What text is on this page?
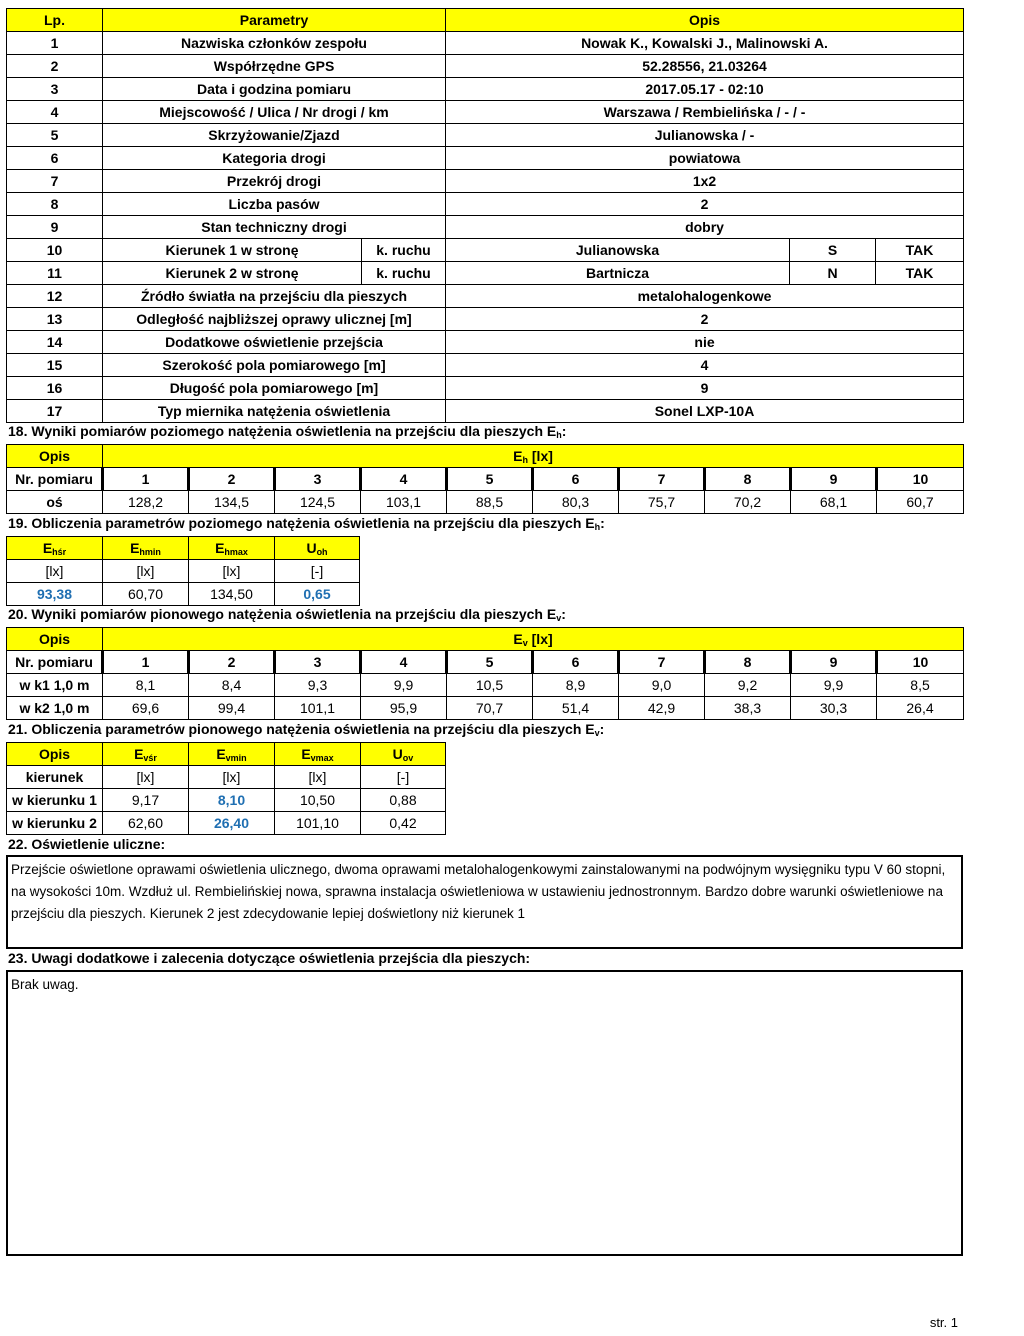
Lp.	Parametry		Opis		
1	Nazwiska członków zespołu		Nowak K., Kowalski J., Malinowski A.		
2	Współrzędne GPS		52.28556, 21.03264		
3	Data i godzina pomiaru		2017.05.17 - 02:10		
4	Miejscowość / Ulica / Nr drogi / km		Warszawa / Rembielińska / - / -		
5	Skrzyżowanie/Zjazd		Julianowska / -		
6	Kategoria drogi		powiatowa		
7	Przekrój drogi		1x2		
8	Liczba pasów		2		
9	Stan techniczny drogi		dobry		
10	Kierunek 1 w stronę	k. ruchu	Julianowska	S	TAK
11	Kierunek 2 w stronę	k. ruchu	Bartnicza	N	TAK
12	Źródło światła na przejściu dla pieszych		metalohalogenkowe		
13	Odległość najbliższej oprawy ulicznej [m]		2		
14	Dodatkowe oświetlenie przejścia		nie		
15	Szerokość pola pomiarowego [m]		4		
16	Długość pola pomiarowego [m]		9		
17	Typ miernika natężenia oświetlenia		Sonel LXP-10A		
18. Wyniki pomiarów poziomego natężenia oświetlenia na przejściu dla pieszych $E_h$:
Opis	$E_h$ [lx]									
Nr. pomiaru	1	2	3	4	5	6	7	8	9	10
oś	128,2	134,5	124,5	103,1	88,5	80,3	75,7	70,2	68,1	60,7
19. Obliczenia parametrów poziomego natężenia oświetlenia na przejściu dla pieszych $E_h$:
$E_{hśr}$	$E_{hmin}$	$E_{hmax}$	$U_{oh}$
[lx]	[lx]	[lx]	[-]
93,38	60,70	134,50	0,65
20. Wyniki pomiarów pionowego natężenia oświetlenia na przejściu dla pieszych $E_v$:
Opis	$E_v$ [lx]									
Nr. pomiaru	1	2	3	4	5	6	7	8	9	10
w k1 1,0 m	8,1	8,4	9,3	9,9	10,5	8,9	9,0	9,2	9,9	8,5
w k2 1,0 m	69,6	99,4	101,1	95,9	70,7	51,4	42,9	38,3	30,3	26,4
21. Obliczenia parametrów pionowego natężenia oświetlenia na przejściu dla pieszych $E_v$:
Opis	$E_{vśr}$	$E_{vmin}$	$E_{vmax}$	$U_{ov}$
kierunek	[lx]	[lx]	[lx]	[-]
w kierunku 1	9,17	8,10	10,50	0,88
w kierunku 2	62,60	26,40	101,10	0,42
22. Oświetlenie uliczne:
Przejście oświetlone oprawami oświetlenia ulicznego, dwoma oprawami metalohalogenkowymi zainstalowanymi na podwójnym wysięgniku typu V 60 stopni, na wysokości 10m. Wzdłuż ul. Rembielińskiej nowa, sprawna instalacja oświetleniowa w ustawieniu jednostronnym. Bardzo dobre warunki oświetleniowe na przejściu dla pieszych. Kierunek 2 jest zdecydowanie lepiej doświetlony niż kierunek 1
23. Uwagi dodatkowe i zalecenia dotyczące oświetlenia przejścia dla pieszych:
Brak uwag.
str. 1
